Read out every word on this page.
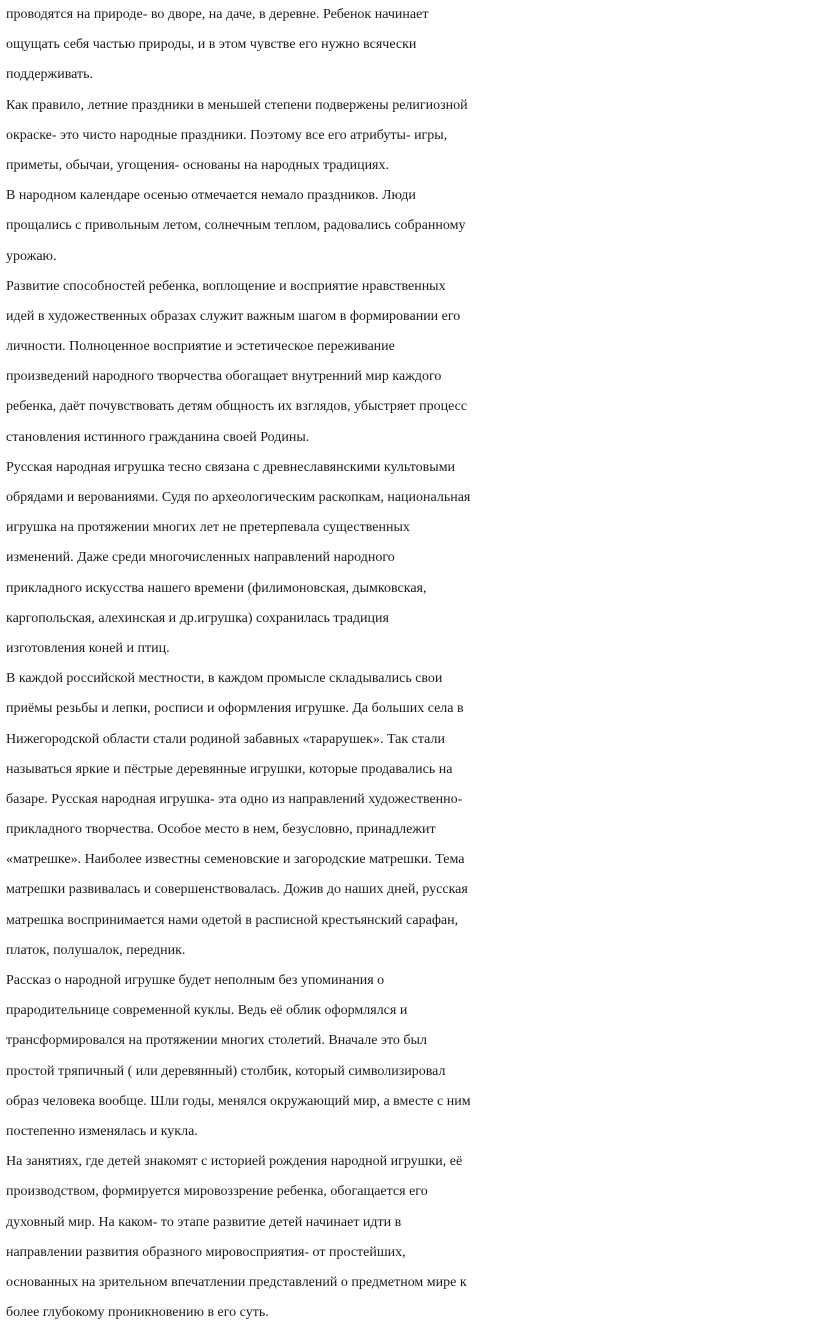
проводятся на природе- во дворе, на даче, в деревне. Ребенок начинает
ощущать себя частью природы, и в этом чувстве его нужно всячески
поддерживать.
Как правило, летние праздники в меньшей степени подвержены религиозной
окраске- это чисто народные праздники. Поэтому все его атрибуты- игры,
приметы, обычаи, угощения- основаны на народных традициях.
В народном календаре осенью отмечается немало праздников. Люди
прощались с привольным летом, солнечным теплом, радовались собранному
урожаю.
Развитие способностей ребенка, воплощение и восприятие нравственных
идей в художественных образах служит важным шагом в формировании его
личности. Полноценное восприятие и эстетическое переживание
произведений народного творчества обогащает внутренний мир каждого
ребенка, даёт почувствовать детям общность их взглядов, убыстряет процесс
становления истинного гражданина своей Родины.
Русская народная игрушка тесно связана с древнеславянскими культовыми
обрядами и верованиями. Судя по археологическим раскопкам, национальная
игрушка на протяжении многих лет не претерпевала существенных
изменений. Даже среди многочисленных направлений народного
прикладного искусства нашего времени (филимоновская, дымковская,
каргопольская, алехинская и др.игрушка) сохранилась традиция
изготовления коней и птиц.
В каждой российской местности, в каждом промысле складывались свои
приёмы резьбы и лепки, росписи и оформления игрушке. Да больших села в
Нижегородской области стали родиной забавных «тарарушек». Так стали
называться яркие и пёстрые деревянные игрушки, которые продавались на
базаре. Русская народная игрушка- эта одно из направлений художественно-
прикладного творчества. Особое место в нем, безусловно, принадлежит
«матрешке». Наиболее известны семеновские и загородские матрешки. Тема
матрешки развивалась и совершенствовалась. Дожив до наших дней, русская
матрешка воспринимается нами одетой в расписной крестьянский сарафан,
платок, полушалок, передник.
Рассказ о народной игрушке будет неполным без упоминания о
прародительнице современной куклы. Ведь её облик оформлялся и
трансформировался на протяжении многих столетий. Вначале это был
простой тряпичный ( или деревянный) столбик, который символизировал
образ человека вообще. Шли годы, менялся окружающий мир, а вместе с ним
постепенно изменялась и кукла.
На занятиях, где детей знакомят с историей рождения народной игрушки, её
производством, формируется мировоззрение ребенка, обогащается его
духовный мир. На каком- то этапе развитие детей начинает идти в
направлении развития образного мировосприятия- от простейших,
основанных на зрительном впечатлении представлений о предметном мире к
более глубокому проникновению в его суть.
